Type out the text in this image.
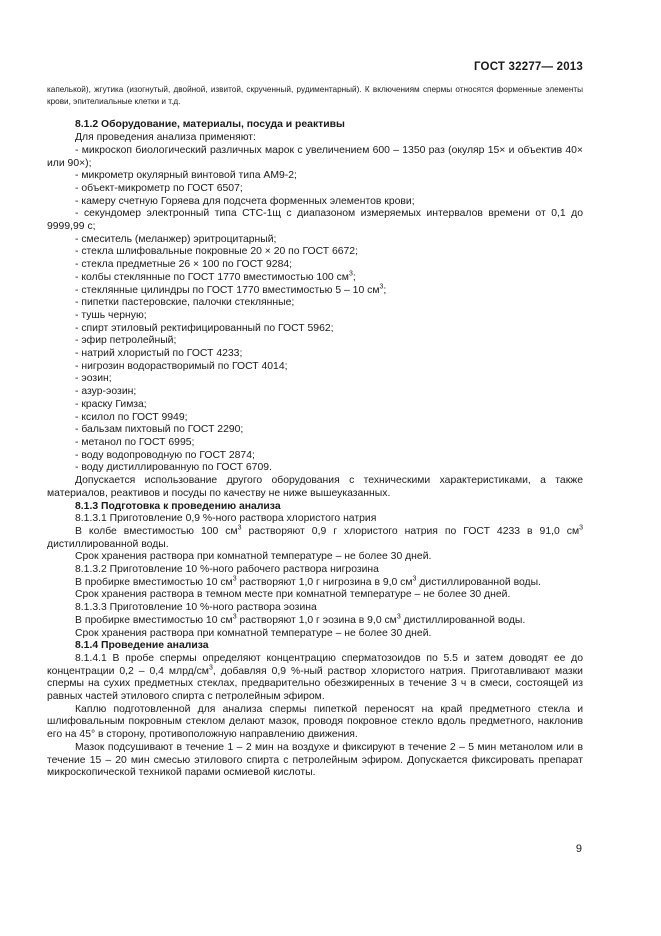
ГОСТ 32277— 2013

капелькой), жгутика (изогнутый, двойной, извитой, скрученный, рудиментарный). К включениям спермы относятся форменные элементы крови, эпителиальные клетки и т.д.

8.1.2 Оборудование, материалы, посуда и реактивы

Для проведения анализа применяют:

- микроскоп биологический различных марок с увеличением 600 – 1350 раз (окуляр 15× и объектив 40× или 90×);

- микрометр окулярный винтовой типа АМ9-2;

- объект-микрометр по ГОСТ 6507;

- камеру счетную Горяева для подсчета форменных элементов крови;

- секундомер электронный типа СТС-1щ с диапазоном измеряемых интервалов времени от 0,1 до 9999,99 с;

- смеситель (меланжер) эритроцитарный;

- стекла шлифовальные покровные 20 × 20 по ГОСТ 6672;

- стекла предметные 26 × 100 по ГОСТ 9284;

- колбы стеклянные по ГОСТ 1770 вместимостью 100 $см^3$;

- стеклянные цилиндры по ГОСТ 1770 вместимостью 5 – 10 $см^3$;

- пипетки пастеровские, палочки стеклянные;

- тушь черную;

- спирт этиловый ректифицированный по ГОСТ 5962;

- эфир петролейный;

- натрий хлористый по ГОСТ 4233;

- нигрозин водорастворимый по ГОСТ 4014;

- эозин;

- азур-эозин;

- краску Гимза;

- ксилол по ГОСТ 9949;

- бальзам пихтовый по ГОСТ 2290;

- метанол по ГОСТ 6995;

- воду водопроводную по ГОСТ 2874;

- воду дистиллированную по ГОСТ 6709.

Допускается использование другого оборудования с техническими характеристиками, а также материалов, реактивов и посуды по качеству не ниже вышеуказанных.

8.1.3 Подготовка к проведению анализа

8.1.3.1 Приготовление 0,9 %-ного раствора хлористого натрия

В колбе вместимостью 100 $см^3$ растворяют 0,9 г хлористого натрия по ГОСТ 4233 в 91,0 $см^3$ дистиллированной воды.

Срок хранения раствора при комнатной температуре – не более 30 дней.

8.1.3.2 Приготовление 10 %-ного рабочего раствора нигрозина

В пробирке вместимостью 10 $см^3$ растворяют 1,0 г нигрозина в 9,0 $см^3$ дистиллированной воды.

Срок хранения раствора в темном месте при комнатной температуре – не более 30 дней.

8.1.3.3 Приготовление 10 %-ного раствора эозина

В пробирке вместимостью 10 $см^3$ растворяют 1,0 г эозина в 9,0 $см^3$ дистиллированной воды.

Срок хранения раствора при комнатной температуре – не более 30 дней.

8.1.4 Проведение анализа

8.1.4.1 В пробе спермы определяют концентрацию сперматозоидов по 5.5 и затем доводят ее до концентрации 0,2 – 0,4 млрд/$см^3$, добавляя 0,9 %-ный раствор хлористого натрия. Приготавливают мазки спермы на сухих предметных стеклах, предварительно обезжиренных в течение 3 ч в смеси, состоящей из равных частей этилового спирта с петролейным эфиром.

Каплю подготовленной для анализа спермы пипеткой переносят на край предметного стекла и шлифовальным покровным стеклом делают мазок, проводя покровное стекло вдоль предметного, наклонив его на 45° в сторону, противоположную направлению движения.

Мазок подсушивают в течение 1 – 2 мин на воздухе и фиксируют в течение 2 – 5 мин метанолом или в течение 15 – 20 мин смесью этилового спирта с петролейным эфиром. Допускается фиксировать препарат микроскопической техникой парами осмиевой кислоты.

9
